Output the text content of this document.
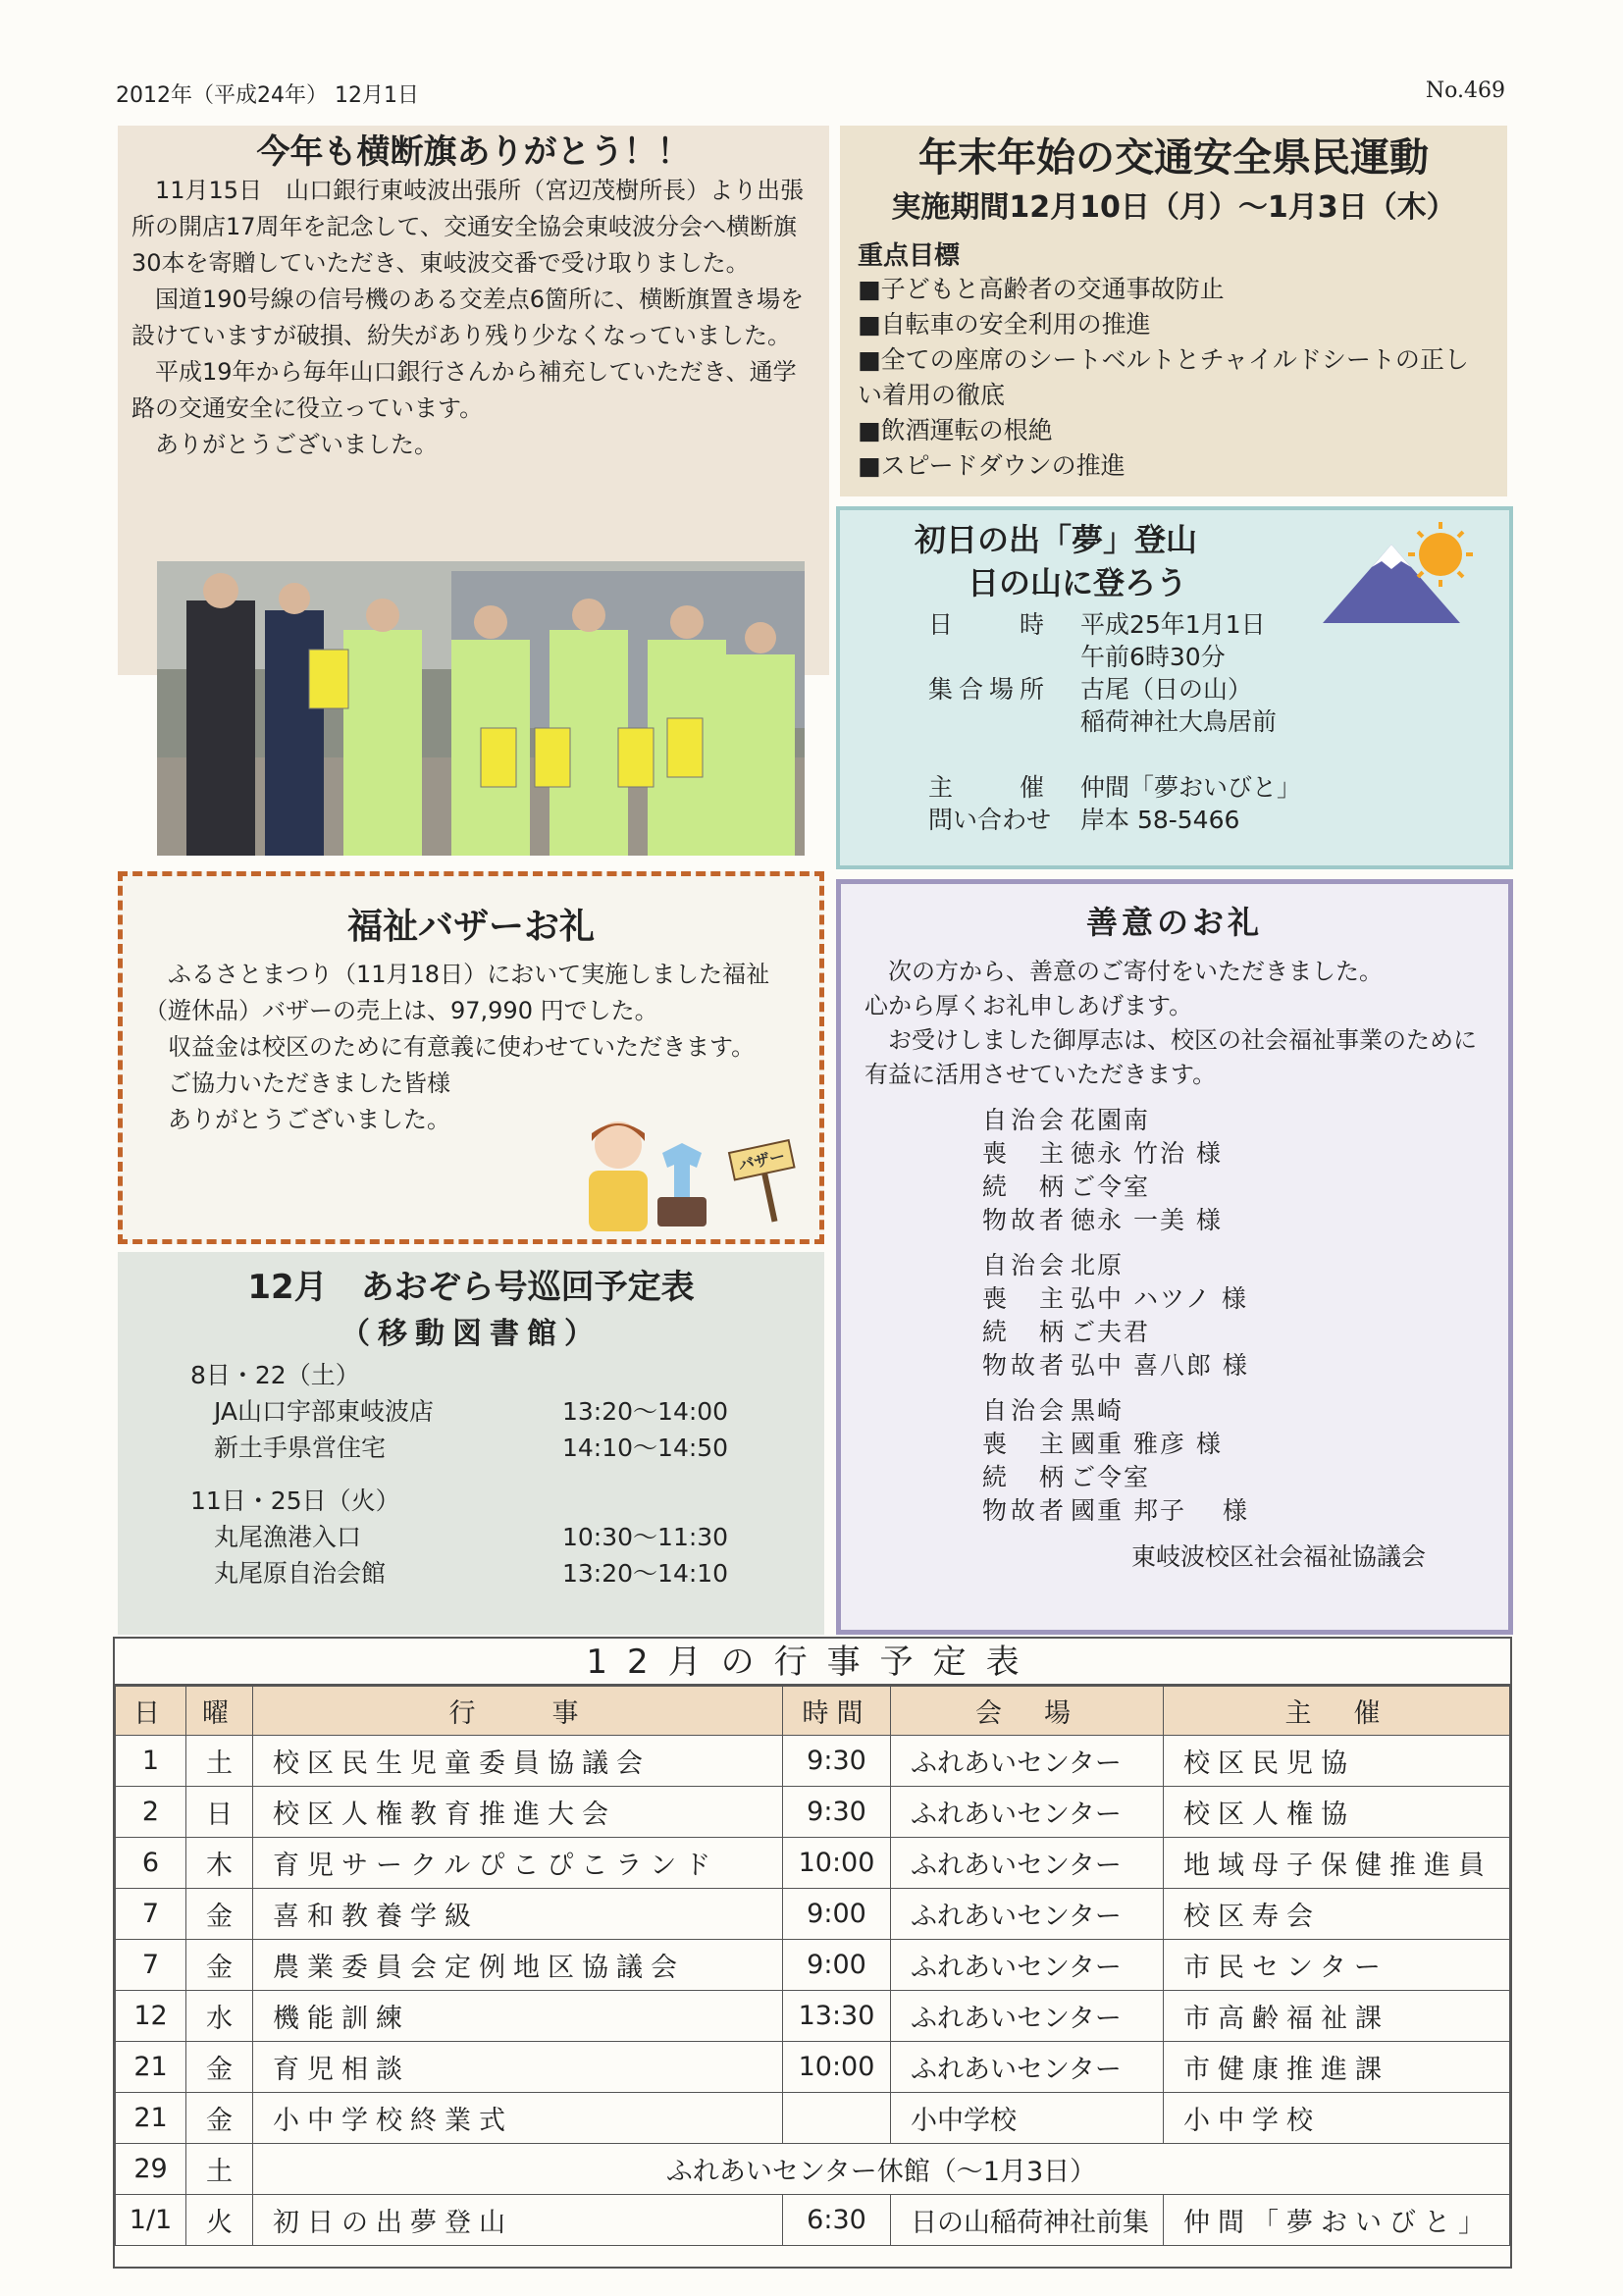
2012年（平成24年） 12月1日	No.469
今年も横断旗ありがとう！！

11月15日　山口銀行東岐波出張所（宮辺茂樹所長）より出張所の開店17周年を記念して、交通安全協会東岐波分会へ横断旗30本を寄贈していただき、東岐波交番で受け取りました。

国道190号線の信号機のある交差点6箇所に、横断旗置き場を設けていますが破損、紛失があり残り少なくなっていました。

平成19年から毎年山口銀行さんから補充していただき、通学路の交通安全に役立っています。

ありがとうございました。

年末年始の交通安全県民運動
実施期間12月10日（月）～1月3日（木）
重点目標
■子どもと高齢者の交通事故防止
■自転車の安全利用の推進
■全ての座席のシートベルトとチャイルドシートの正しい着用の徹底
■飲酒運転の根絶
■スピードダウンの推進
初日の出「夢」登山
日の山に登ろう
日　　時	平成25年1月1日
午前6時30分
集合場所	古尾（日の山）
稲荷神社大鳥居前
主　　催	仲間「夢おいびと」
問い合わせ	岸本 58-5466
福祉バザーお礼

ふるさとまつり（11月18日）において実施しました福祉（遊休品）バザーの売上は、97,990 円でした。

収益金は校区のために有意義に使わせていただきます。

ご協力いただきました皆様

ありがとうございました。

バザー
善意のお礼

次の方から、善意のご寄付をいただきました。

心から厚くお礼申しあげます。

お受けしました御厚志は、校区の社会福祉事業のために有益に活用させていただきます。

自治会 花園南
喪　主 徳永 竹治 様
続　柄 ご令室
物故者 徳永 一美 様
自治会 北原
喪　主 弘中 ハツノ 様
続　柄 ご夫君
物故者 弘中 喜八郎 様
自治会 黒崎
喪　主 國重 雅彦 様
続　柄 ご令室
物故者 國重 邦子　 様
東岐波校区社会福祉協議会
12月　あおぞら号巡回予定表
（移動図書館）
8日・22（土）
JA山口宇部東岐波店	13:20～14:00
新土手県営住宅	14:10～14:50
11日・25日（火）
丸尾漁港入口	10:30～11:30
丸尾原自治会館	13:20～14:10
12月の行事予定表
日	曜	行　　事	時間	会　場	主　催
1	土	校区民生児童委員協議会	9:30	ふれあいセンター	校区民児協
2	日	校区人権教育推進大会	9:30	ふれあいセンター	校区人権協
6	木	育児サークルぴこぴこランド	10:00	ふれあいセンター	地域母子保健推進員
7	金	喜和教養学級	9:00	ふれあいセンター	校区寿会
7	金	農業委員会定例地区協議会	9:00	ふれあいセンター	市民センター
12	水	機能訓練	13:30	ふれあいセンター	市高齢福祉課
21	金	育児相談	10:00	ふれあいセンター	市健康推進課
21	金	小中学校終業式		小中学校	小中学校
29	土	ふれあいセンター休館（～1月3日）			
1/1	火	初日の出夢登山	6:30	日の山稲荷神社前集	仲間「夢おいびと」
